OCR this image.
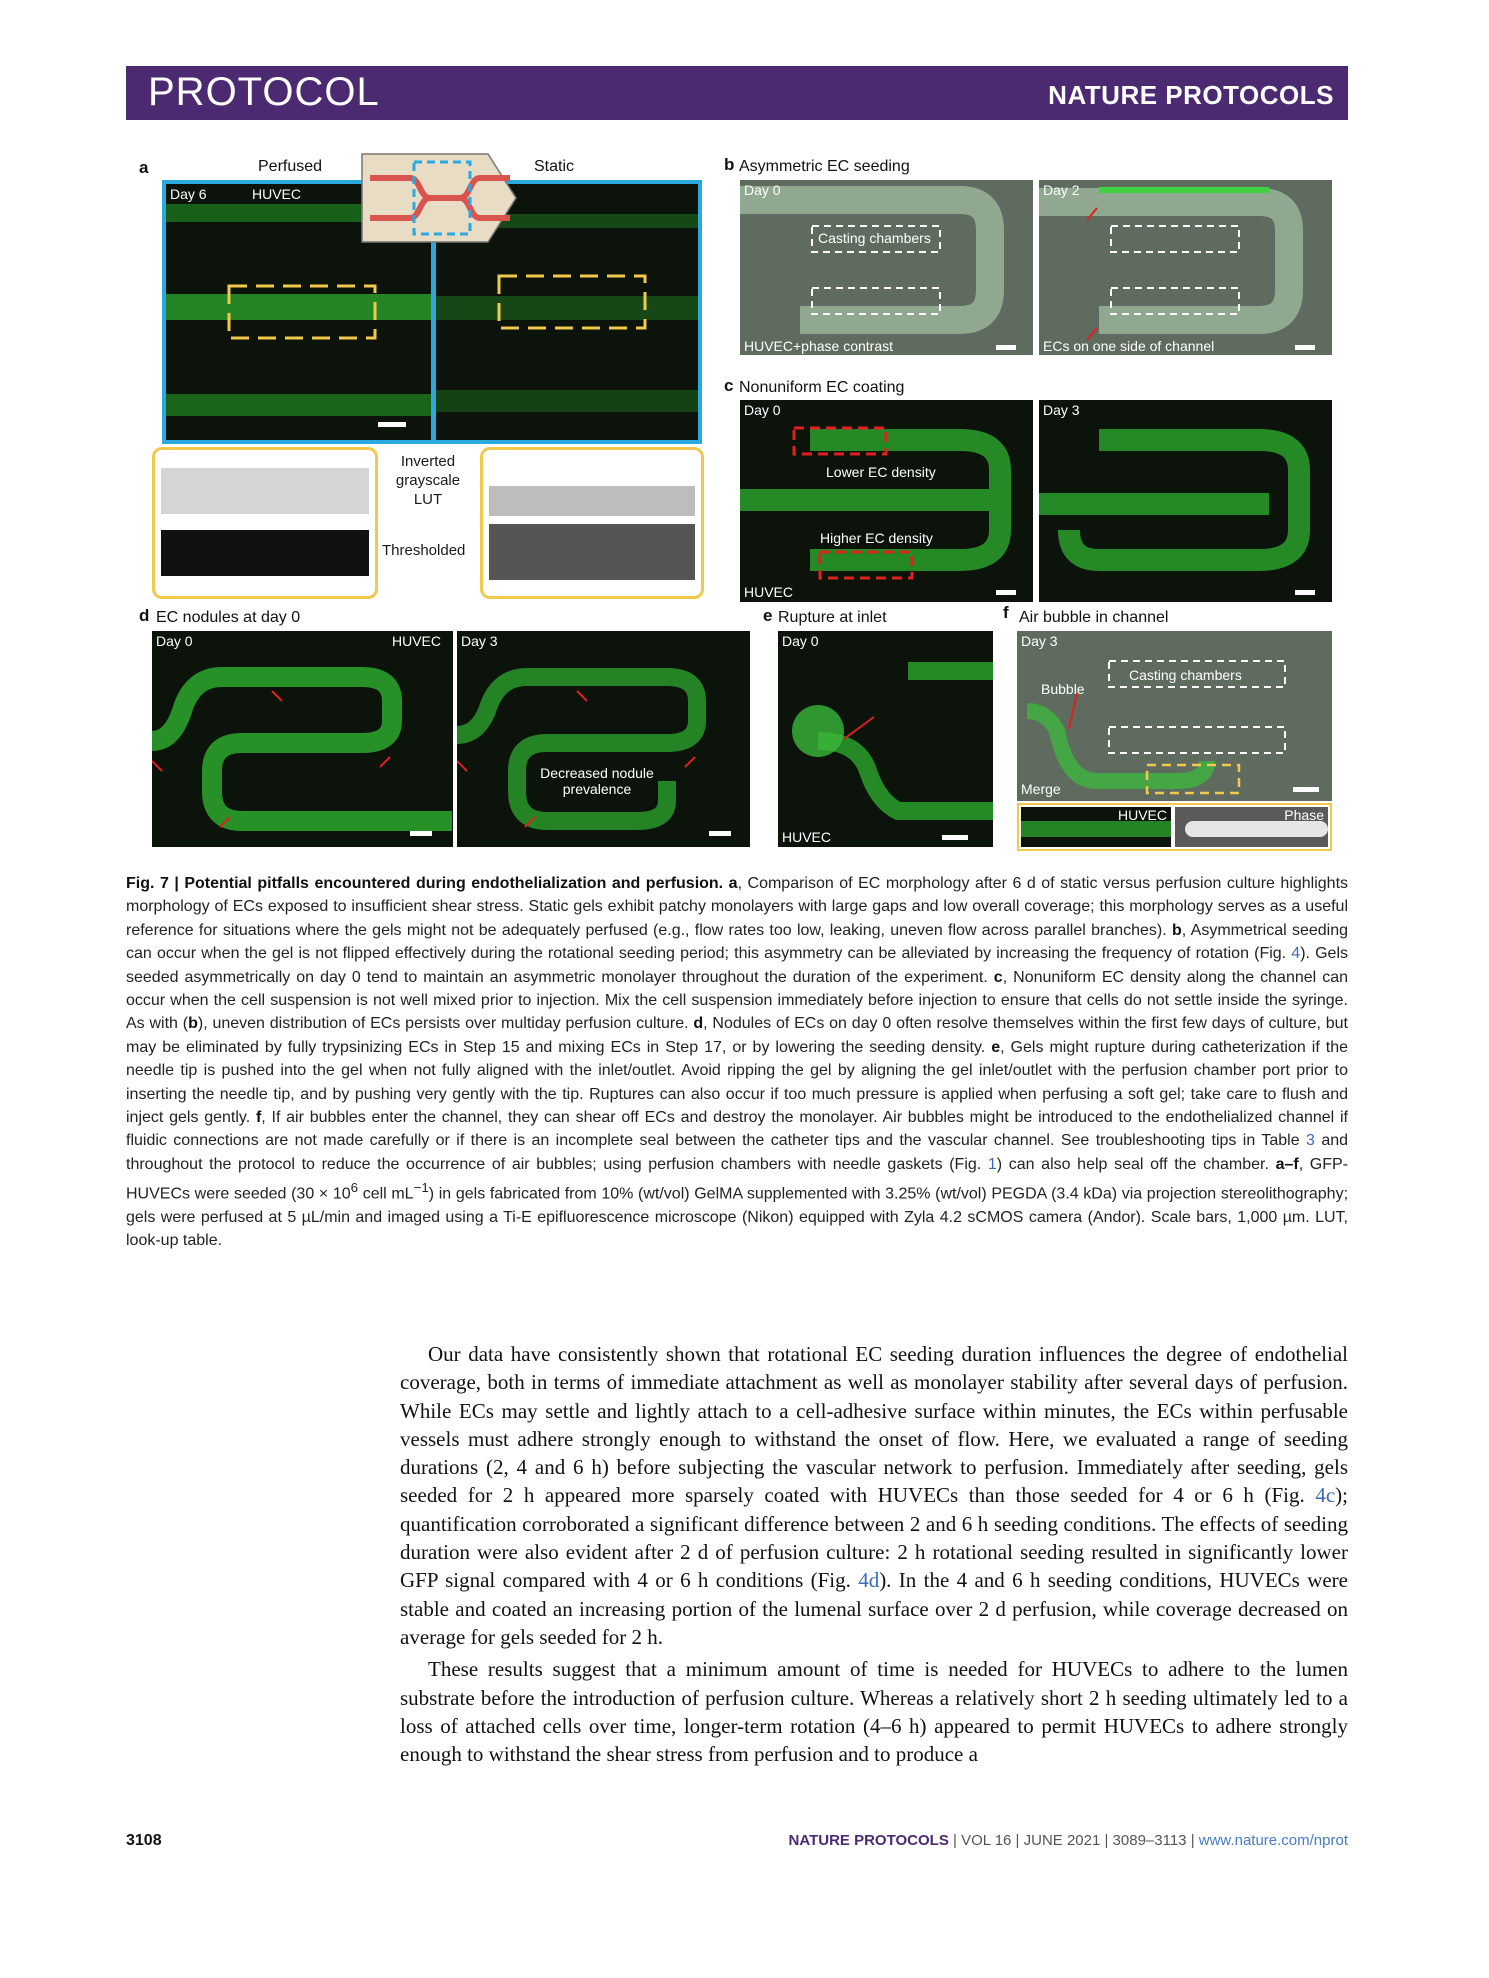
PROTOCOL	NATURE PROTOCOLS
a	Perfused	Static
Day 6	HUVEC
Inverted
grayscale
LUT
Thresholded
b Asymmetric EC seeding
Day 0
Casting chambers
HUVEC+phase contrast
Day 2
ECs on one side of channel
c Nonuniform EC coating
Day 0
Lower EC density
Higher EC density
HUVEC
Day 3
d EC nodules at day 0
Day 0	HUVEC Day 3
Decreased nodule
prevalence
e Rupture at inlet
Day 0
HUVEC
f Air bubble in channel
Day 3
Casting chambers
Bubble
Merge
HUVEC	Phase
Fig. 7 | Potential pitfalls encountered during endothelialization and perfusion. a, Comparison of EC morphology after 6 d of static versus perfusion culture highlights morphology of ECs exposed to insufficient shear stress. Static gels exhibit patchy monolayers with large gaps and low overall coverage; this morphology serves as a useful reference for situations where the gels might not be adequately perfused (e.g., flow rates too low, leaking, uneven flow across parallel branches). b, Asymmetrical seeding can occur when the gel is not flipped effectively during the rotational seeding period; this asymmetry can be alleviated by increasing the frequency of rotation (Fig. 4). Gels seeded asymmetrically on day 0 tend to maintain an asymmetric monolayer throughout the duration of the experiment. c, Nonuniform EC density along the channel can occur when the cell suspension is not well mixed prior to injection. Mix the cell suspension immediately before injection to ensure that cells do not settle inside the syringe. As with (b), uneven distribution of ECs persists over multiday perfusion culture. d, Nodules of ECs on day 0 often resolve themselves within the first few days of culture, but may be eliminated by fully trypsinizing ECs in Step 15 and mixing ECs in Step 17, or by lowering the seeding density. e, Gels might rupture during catheterization if the needle tip is pushed into the gel when not fully aligned with the inlet/outlet. Avoid ripping the gel by aligning the gel inlet/outlet with the perfusion chamber port prior to inserting the needle tip, and by pushing very gently with the tip. Ruptures can also occur if too much pressure is applied when perfusing a soft gel; take care to flush and inject gels gently. f, If air bubbles enter the channel, they can shear off ECs and destroy the monolayer. Air bubbles might be introduced to the endothelialized channel if fluidic connections are not made carefully or if there is an incomplete seal between the catheter tips and the vascular channel. See troubleshooting tips in Table 3 and throughout the protocol to reduce the occurrence of air bubbles; using perfusion chambers with needle gaskets (Fig. 1) can also help seal off the chamber. a–f, GFP-HUVECs were seeded ($30 \times 10^6$ cell $mL^{-1}$) in gels fabricated from 10% (wt/vol) GelMA supplemented with 3.25% (wt/vol) PEGDA (3.4 kDa) via projection stereolithography; gels were perfused at 5 µL/min and imaged using a Ti-E epifluorescence microscope (Nikon) equipped with Zyla 4.2 sCMOS camera (Andor). Scale bars, 1,000 µm. LUT, look-up table.

Our data have consistently shown that rotational EC seeding duration influences the degree of endothelial coverage, both in terms of immediate attachment as well as monolayer stability after several days of perfusion. While ECs may settle and lightly attach to a cell-adhesive surface within minutes, the ECs within perfusable vessels must adhere strongly enough to withstand the onset of flow. Here, we evaluated a range of seeding durations (2, 4 and 6 h) before subjecting the vascular network to perfusion. Immediately after seeding, gels seeded for 2 h appeared more sparsely coated with HUVECs than those seeded for 4 or 6 h (Fig. 4c); quantification corroborated a significant difference between 2 and 6 h seeding conditions. The effects of seeding duration were also evident after 2 d of perfusion culture: 2 h rotational seeding resulted in significantly lower GFP signal compared with 4 or 6 h conditions (Fig. 4d). In the 4 and 6 h seeding conditions, HUVECs were stable and coated an increasing portion of the lumenal surface over 2 d perfusion, while coverage decreased on average for gels seeded for 2 h.

These results suggest that a minimum amount of time is needed for HUVECs to adhere to the lumen substrate before the introduction of perfusion culture. Whereas a relatively short 2 h seeding ultimately led to a loss of attached cells over time, longer-term rotation (4–6 h) appeared to permit HUVECs to adhere strongly enough to withstand the shear stress from perfusion and to produce a

3108	NATURE PROTOCOLS | VOL 16 | JUNE 2021 | 3089–3113 | www.nature.com/nprot
